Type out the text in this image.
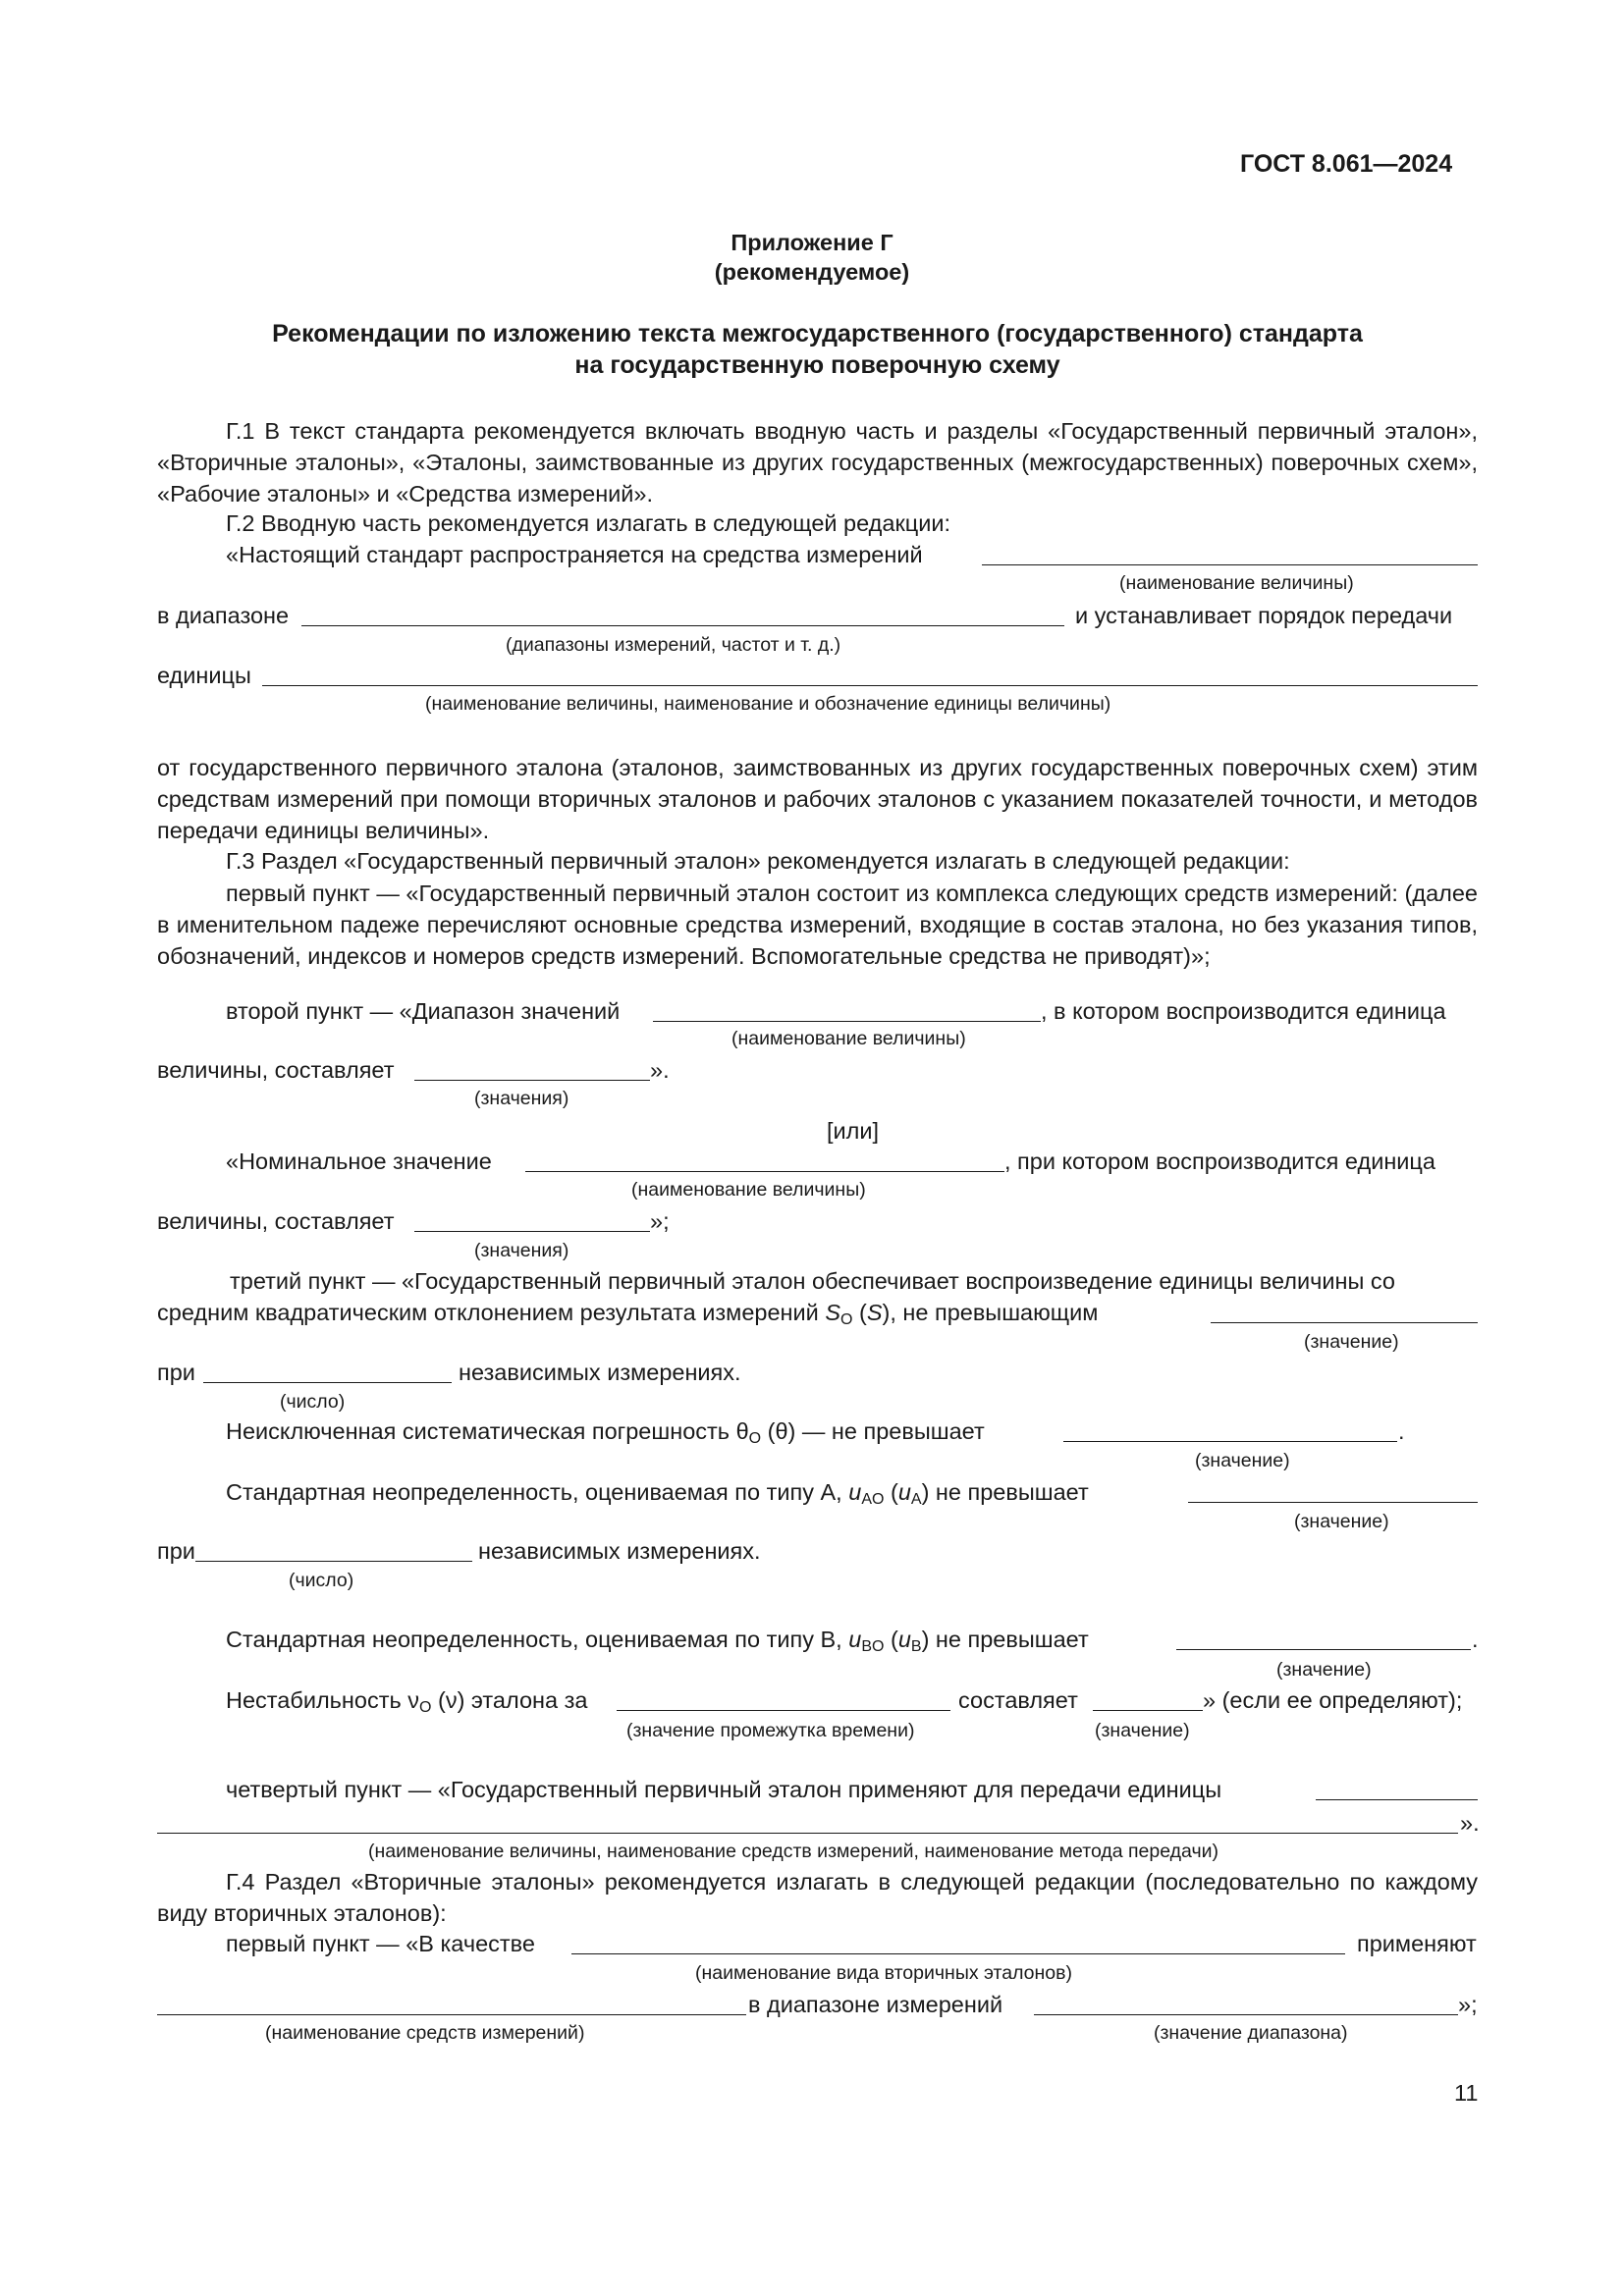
ГОСТ 8.061—2024
Приложение Г
(рекомендуемое)
Рекомендации по изложению текста межгосударственного (государственного) стандарта
на государственную поверочную схему
Г.1 В текст стандарта рекомендуется включать вводную часть и разделы «Государственный первичный эталон», «Вторичные эталоны», «Эталоны, заимствованные из других государственных (межгосударственных) поверочных схем», «Рабочие эталоны» и «Средства измерений».
Г.2 Вводную часть рекомендуется излагать в следующей редакции:
«Настоящий стандарт распространяется на средства измерений
(наименование величины)
в диапазоне	и устанавливает порядок передачи
(диапазоны измерений, частот и т. д.)
единицы
(наименование величины, наименование и обозначение единицы величины)
от государственного первичного эталона (эталонов, заимствованных из других государственных поверочных схем) этим средствам измерений при помощи вторичных эталонов и рабочих эталонов с указанием показателей точности, и методов передачи единицы величины».
Г.3 Раздел «Государственный первичный эталон» рекомендуется излагать в следующей редакции:
первый пункт — «Государственный первичный эталон состоит из комплекса следующих средств измерений: (далее в именительном падеже перечисляют основные средства измерений, входящие в состав эталона, но без указания типов, обозначений, индексов и номеров средств измерений. Вспомогательные средства не приводят)»;
второй пункт — «Диапазон значений	, в котором воспроизводится единица
(наименование величины)
величины, составляет	».
(значения)
[или]
«Номинальное значение	, при котором воспроизводится единица
(наименование величины)
величины, составляет	»;
(значения)
третий пункт — «Государственный первичный эталон обеспечивает воспроизведение единицы величины со
средним квадратическим отклонением результата измерений $S_O$ (S), не превышающим
(значение)
при	независимых измерениях.
(число)
Неисключенная систематическая погрешность $\theta_O$ (θ) — не превышает	.
(значение)
Стандартная неопределенность, оцениваемая по типу А, $u_{AO}$ $(u_A)$ не превышает
(значение)
при	независимых измерениях.
(число)
Стандартная неопределенность, оцениваемая по типу В, $u_{BO}$ $(u_B)$ не превышает	.
(значение)
Нестабильность $\nu_O$ (ν) эталона за	составляет	» (если ее определяют);
(значение промежутка времени)	(значение)
четвертый пункт — «Государственный первичный эталон применяют для передачи единицы
».
(наименование величины, наименование средств измерений, наименование метода передачи)
Г.4 Раздел «Вторичные эталоны» рекомендуется излагать в следующей редакции (последовательно по каждому виду вторичных эталонов):
первый пункт — «В качестве	применяют
(наименование вида вторичных эталонов)
в диапазоне измерений	»;
(наименование средств измерений)	(значение диапазона)
11
